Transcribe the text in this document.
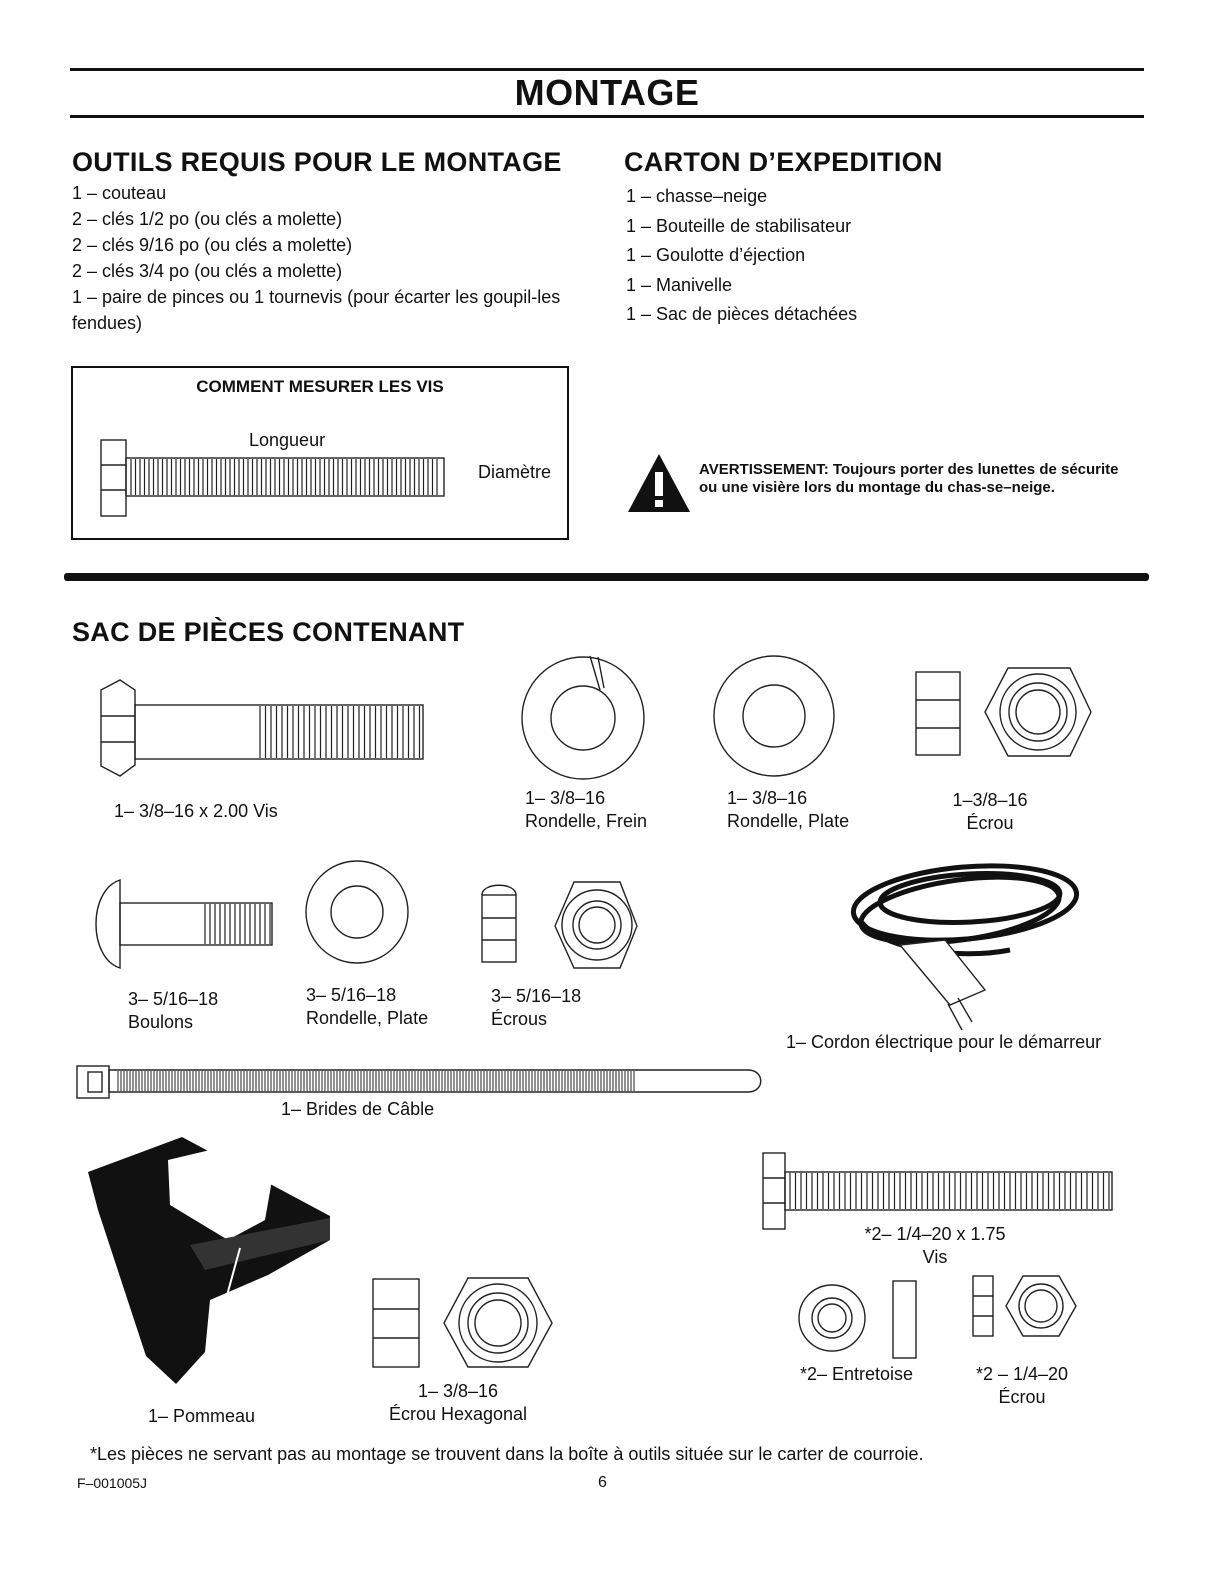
MONTAGE
OUTILS REQUIS POUR LE MONTAGE
1 – couteau
2 – clés 1/2 po (ou clés a molette)
2 – clés 9/16 po (ou clés a molette)
2 – clés 3/4 po (ou clés a molette)
1 – paire de pinces ou 1 tournevis (pour écarter les goupil-les fendues)
CARTON D’EXPEDITION
1 – chasse–neige
1 – Bouteille de stabilisateur
1 – Goulotte d’éjection
1 – Manivelle
1 – Sac de pièces détachées
COMMENT MESURER LES VIS
Longueur
Diamètre	AVERTISSEMENT: Toujours porter des lunettes de sécurite ou une visière lors du montage du chas-se–neige.
SAC DE PIÈCES CONTENANT
1– 3/8–16 x 2.00 Vis
1– 3/8–16
Rondelle, Frein
1– 3/8–16
Rondelle, Plate
1–3/8–16
Écrou
3– 5/16–18
Boulons
3– 5/16–18
Rondelle, Plate
3– 5/16–18
Écrous
1– Cordon électrique pour le démarreur
1– Brides de Câble
1– Pommeau
1– 3/8–16
Écrou Hexagonal
*2– 1/4–20 x 1.75
Vis
*2– Entretoise	*2 – 1/4–20
Écrou
*Les pièces ne servant pas au montage se trouvent dans la boîte à outils située sur le carter de courroie.
F–001005J	6
